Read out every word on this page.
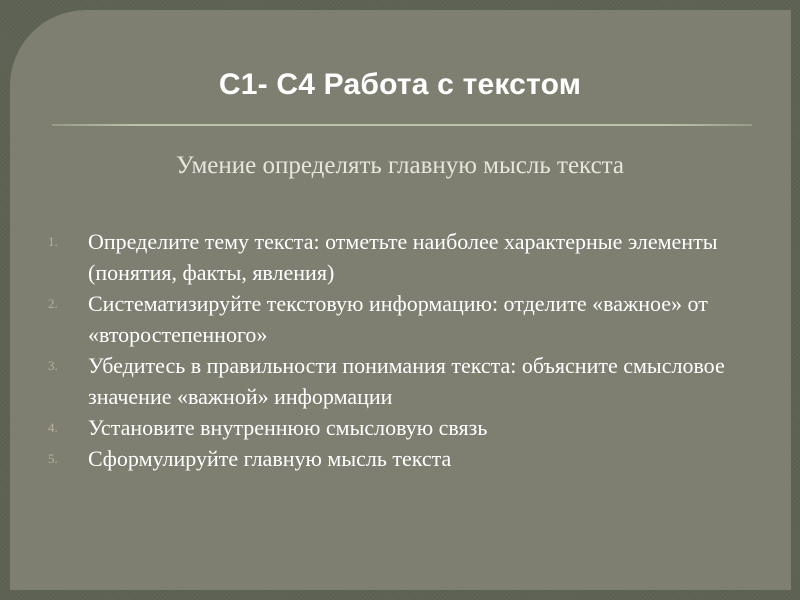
С1- С4 Работа с текстом
Умение определять главную мысль текста
1. Определите тему текста: отметьте наиболее характерные элементы (понятия, факты, явления)
2. Систематизируйте текстовую информацию: отделите «важное» от «второстепенного»
3. Убедитесь в правильности понимания текста: объясните смысловое значение «важной» информации
4. Установите внутреннюю смысловую связь
5. Сформулируйте главную мысль текста
